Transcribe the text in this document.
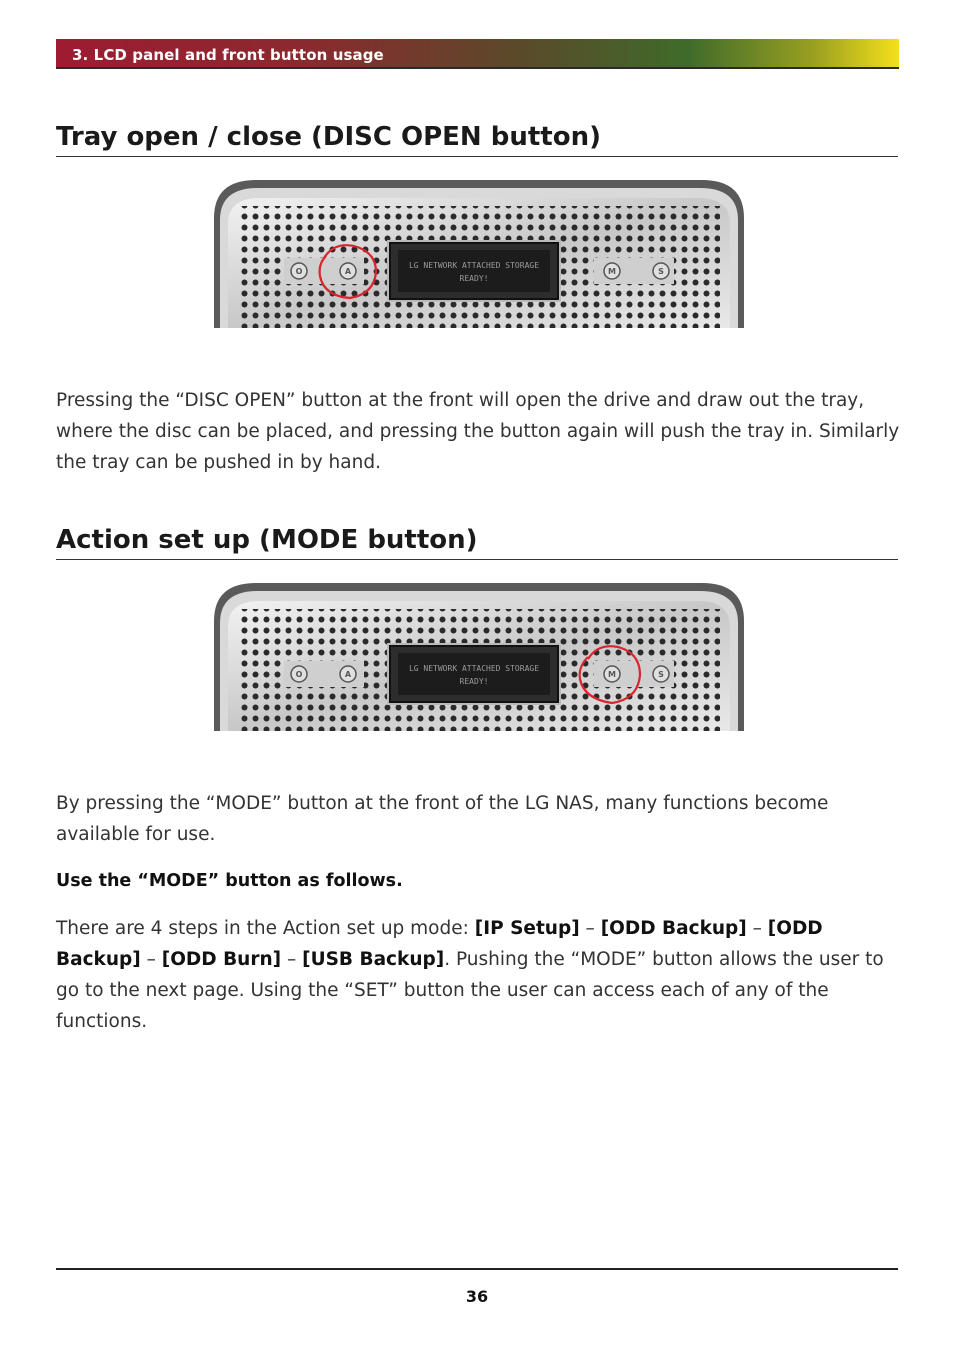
3. LCD panel and front button usage
Tray open / close (DISC OPEN button)
LG NETWORK ATTACHED STORAGE
READY!
O	A	M	S

Pressing the “DISC OPEN” button at the front will open the drive and draw out the tray, where the disc can be placed, and pressing the button again will push the tray in. Similarly the tray can be pushed in by hand.

Action set up (MODE button)
LG NETWORK ATTACHED STORAGE
READY!
O	A	M	S

By pressing the “MODE” button at the front of the LG NAS, many functions become available for use.

Use the “MODE” button as follows.

There are 4 steps in the Action set up mode: [IP Setup] – [ODD Backup] – [ODD Backup] – [ODD Burn] – [USB Backup]. Pushing the “MODE” button allows the user to go to the next page. Using the “SET” button the user can access each of any of the functions.

36
